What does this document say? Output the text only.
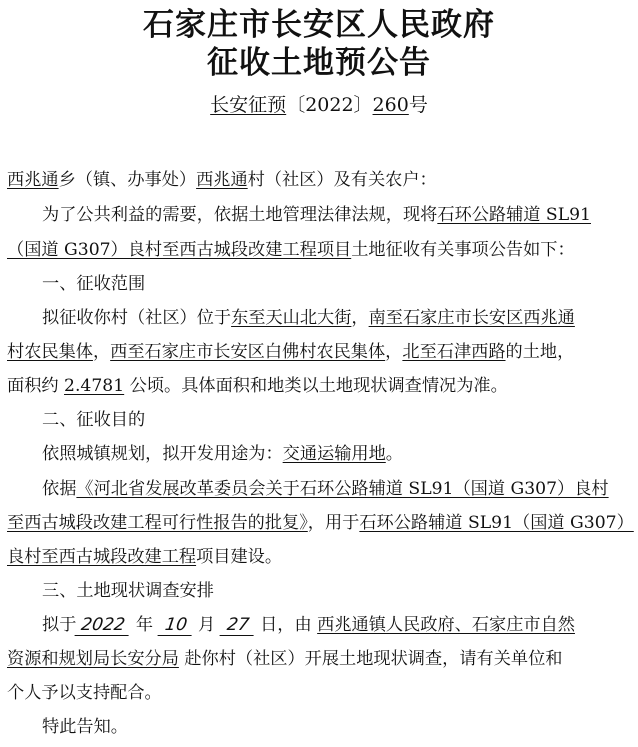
石家庄市长安区人民政府
征收土地预公告
长安征预〔2022〕260号
西兆通乡（镇、办事处）西兆通村（社区）及有关农户：
为了公共利益的需要，依据土地管理法律法规，现将石环公路辅道 SL91
（国道 G307）良村至西古城段改建工程项目土地征收有关事项公告如下：
一、征收范围
拟征收你村（社区）位于东至天山北大街，南至石家庄市长安区西兆通
村农民集体，西至石家庄市长安区白佛村农民集体，北至石津西路的土地，
面积约 2.4781 公顷。具体面积和地类以土地现状调查情况为准。
二、征收目的
依照城镇规划，拟开发用途为：交通运输用地。
依据《河北省发展改革委员会关于石环公路辅道 SL91（国道 G307）良村
至西古城段改建工程可行性报告的批复》，用于石环公路辅道 SL91（国道 G307）
良村至西古城段改建工程项目建设。
三、土地现状调查安排
拟于 2022 年 10 月 27 日，由 西兆通镇人民政府、石家庄市自然
资源和规划局长安分局 赴你村（社区）开展土地现状调查，请有关单位和
个人予以支持配合。
特此告知。
